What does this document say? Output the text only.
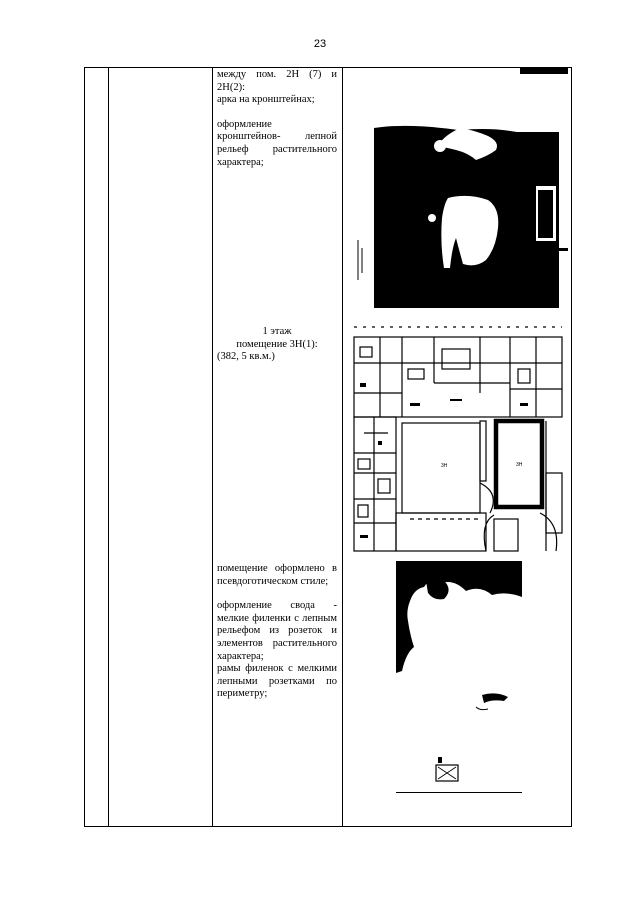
23

между пом. 2Н (7) и 2Н(2):

арка на кронштейнах;

оформление кронштейнов- лепной рельеф растительного характера;

1 этаж

помещение 3Н(1):

(382, 5 кв.м.)

3Н	3Н

помещение оформлено в псевдоготическом стиле;

оформление свода - мелкие филенки с лепным рельефом из розеток и элементов растительного характера;

рамы филенок с мелкими лепными розетками по периметру;
